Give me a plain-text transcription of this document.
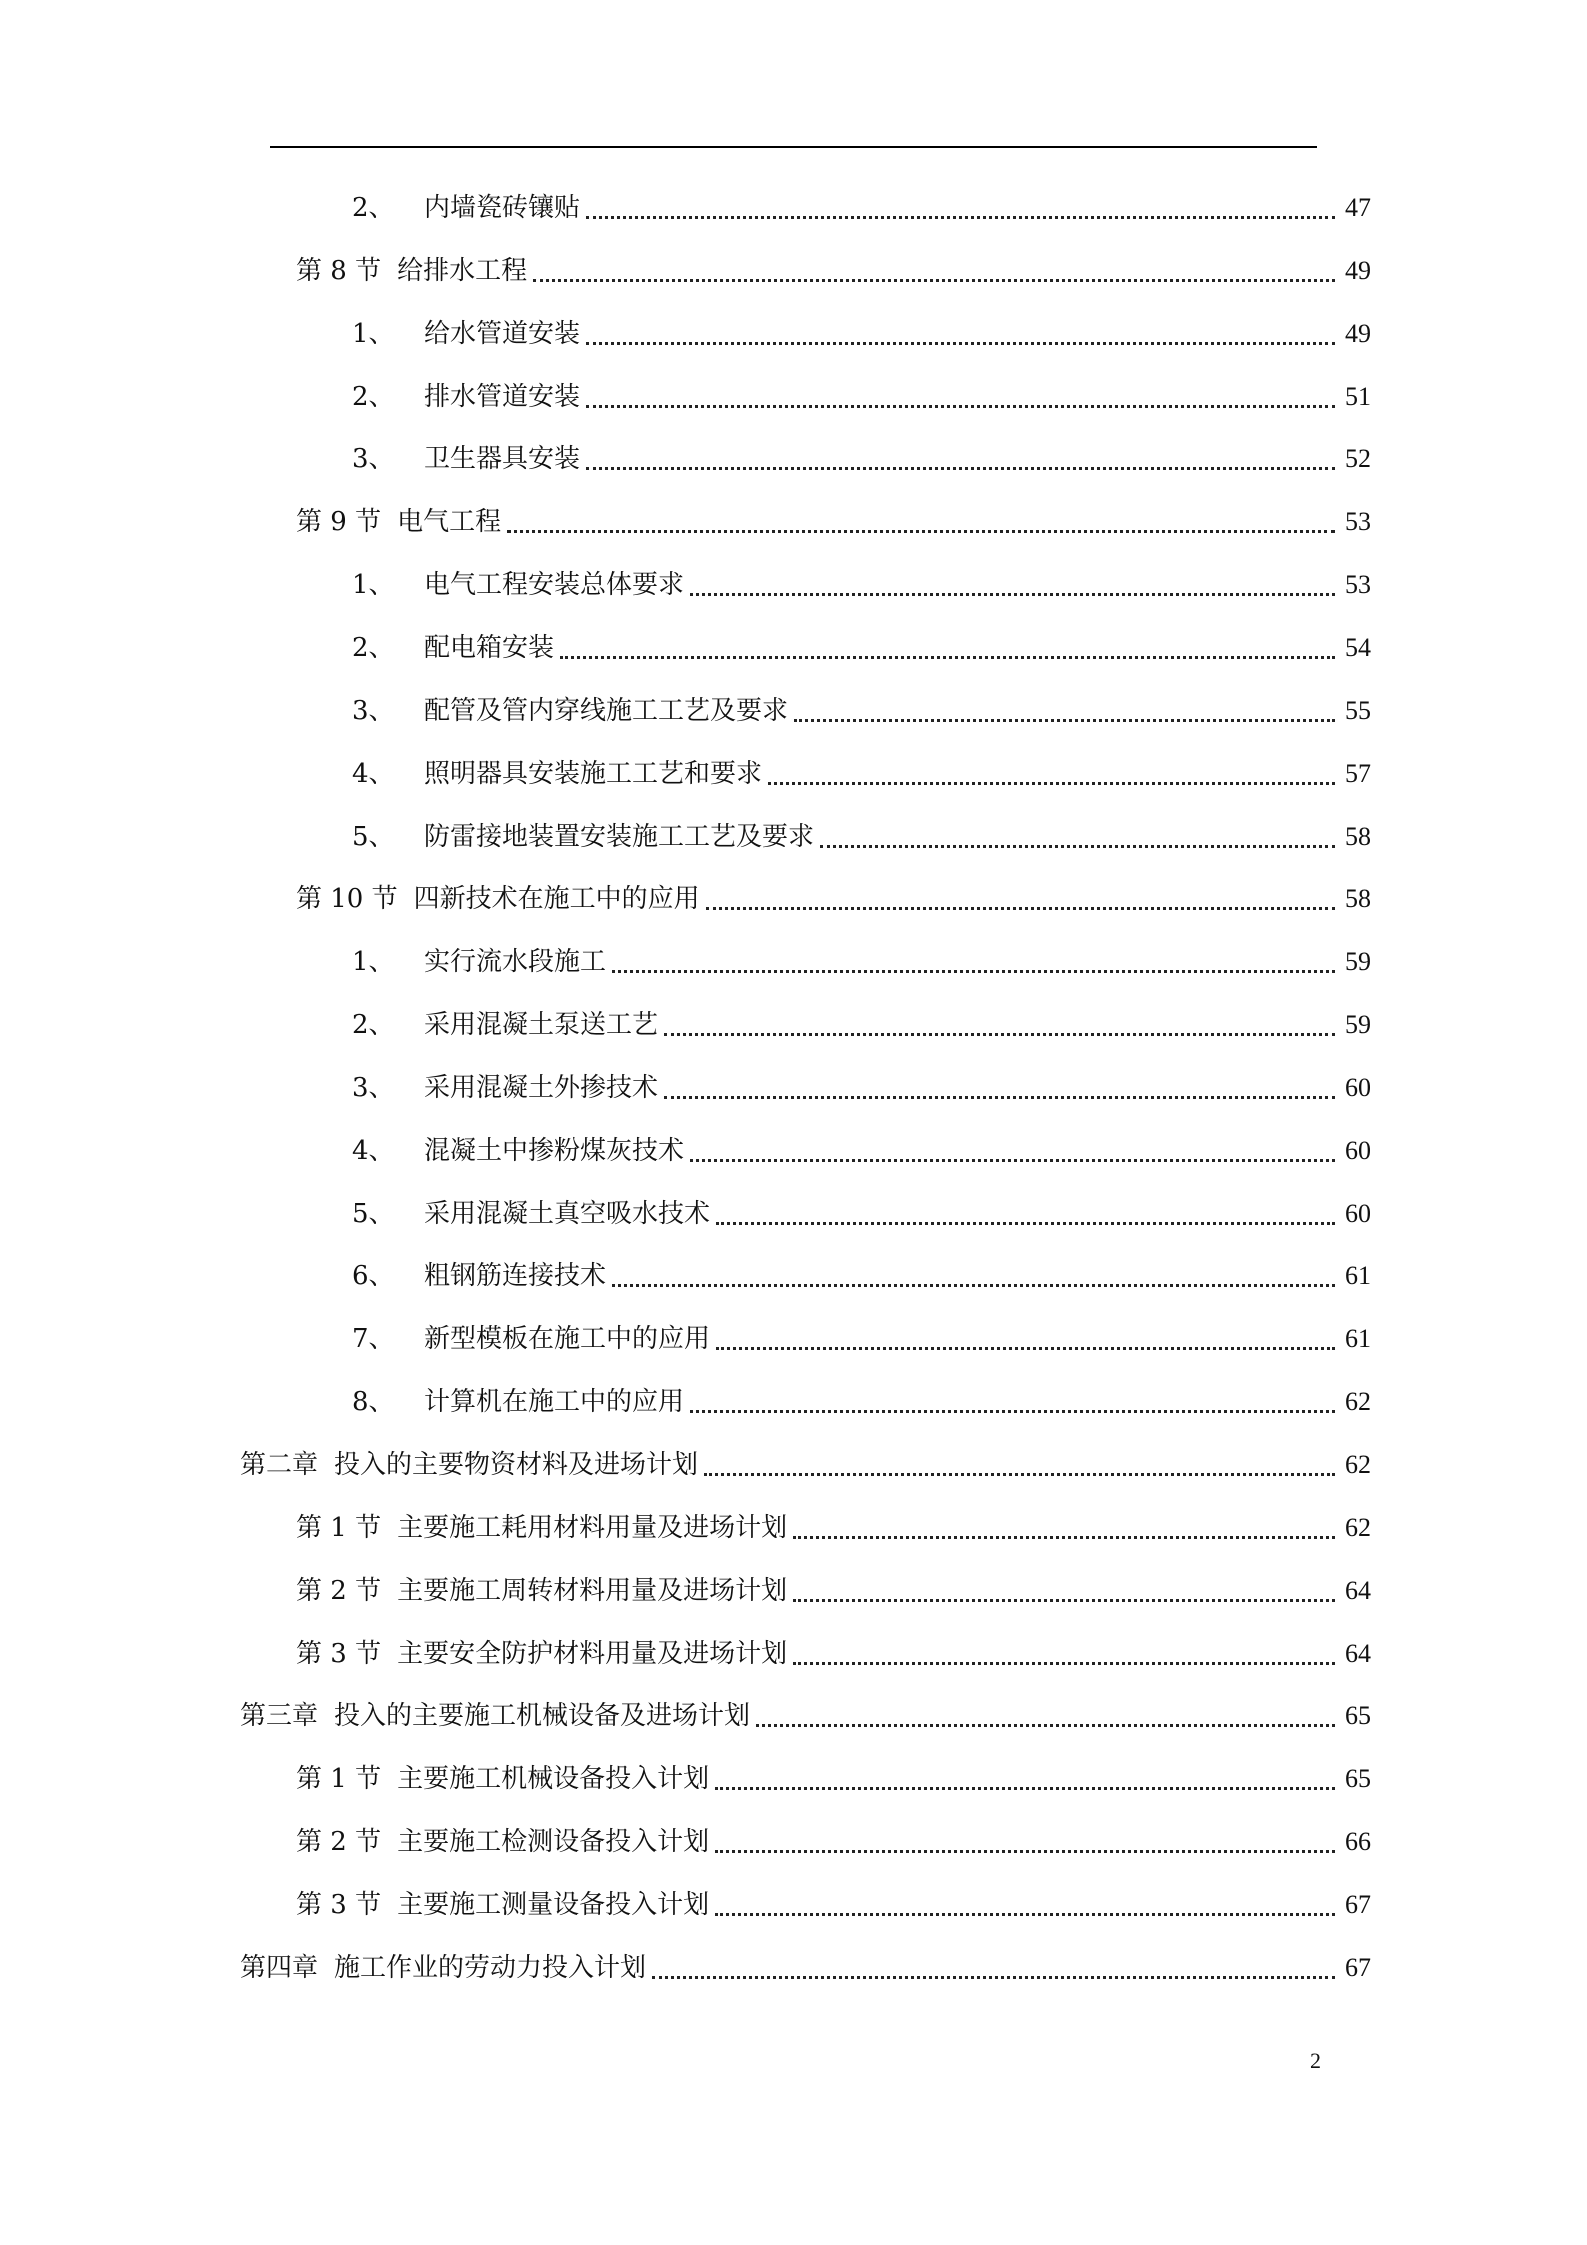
2、	内墙瓷砖镶贴	47
第 8 节 给排水工程	49
1、	给水管道安装	49
2、	排水管道安装	51
3、	卫生器具安装	52
第 9 节 电气工程	53
1、	电气工程安装总体要求	53
2、	配电箱安装	54
3、	配管及管内穿线施工工艺及要求	55
4、	照明器具安装施工工艺和要求	57
5、	防雷接地装置安装施工工艺及要求	58
第 10 节 四新技术在施工中的应用	58
1、	实行流水段施工	59
2、	采用混凝土泵送工艺	59
3、	采用混凝土外掺技术	60
4、	混凝土中掺粉煤灰技术	60
5、	采用混凝土真空吸水技术	60
6、	粗钢筋连接技术	61
7、	新型模板在施工中的应用	61
8、	计算机在施工中的应用	62
第二章 投入的主要物资材料及进场计划	62
第 1 节 主要施工耗用材料用量及进场计划	62
第 2 节 主要施工周转材料用量及进场计划	64
第 3 节 主要安全防护材料用量及进场计划	64
第三章 投入的主要施工机械设备及进场计划	65
第 1 节 主要施工机械设备投入计划	65
第 2 节 主要施工检测设备投入计划	66
第 3 节 主要施工测量设备投入计划	67
第四章 施工作业的劳动力投入计划	67
2
